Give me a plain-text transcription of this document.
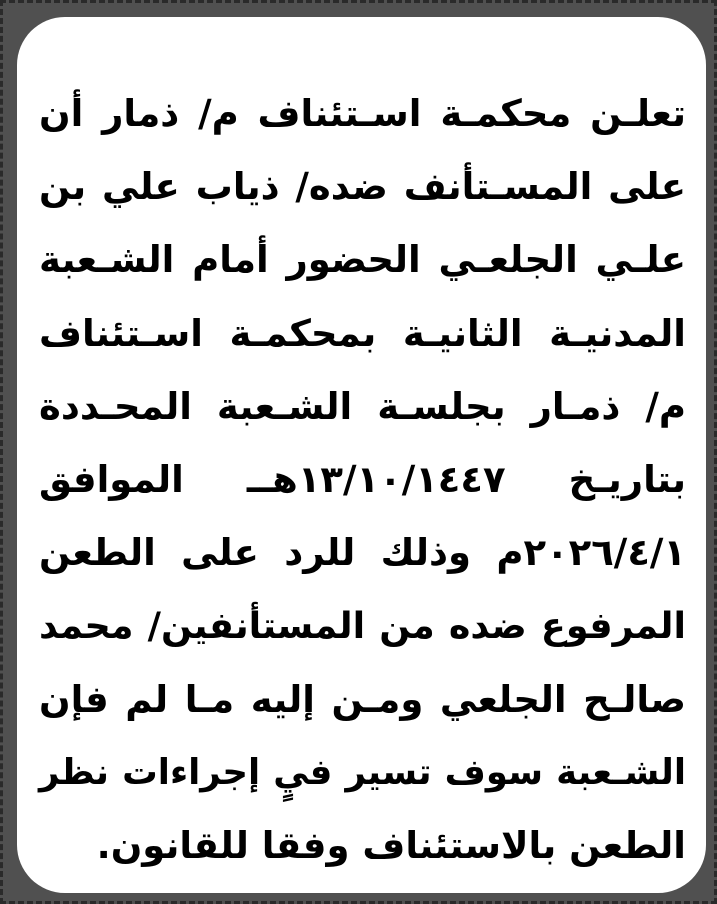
تعلـن محكمـة اسـتئناف م/ ذمار أن
على المسـتأنف ضده/ ذياب علي بن
علـي الجلعـي الحضور أمام الشـعبة
المدنيـة الثانيـة بمحكمـة اسـتئناف
م/ ذمـار بجلسـة الشـعبة المحـددة
بتاريـخ ١٣/١٠/١٤٤٧هــ الموافق
٢٠٢٦/٤/١م وذلك للرد على الطعن
المرفوع ضده من المستأنفين/ محمد
صالـح الجلعي ومـن إليه مـا لم فإن
الشـعبة سوف تسير فيٍ إجراءات نظر
الطعن بالاستئناف وفقا للقانون.
